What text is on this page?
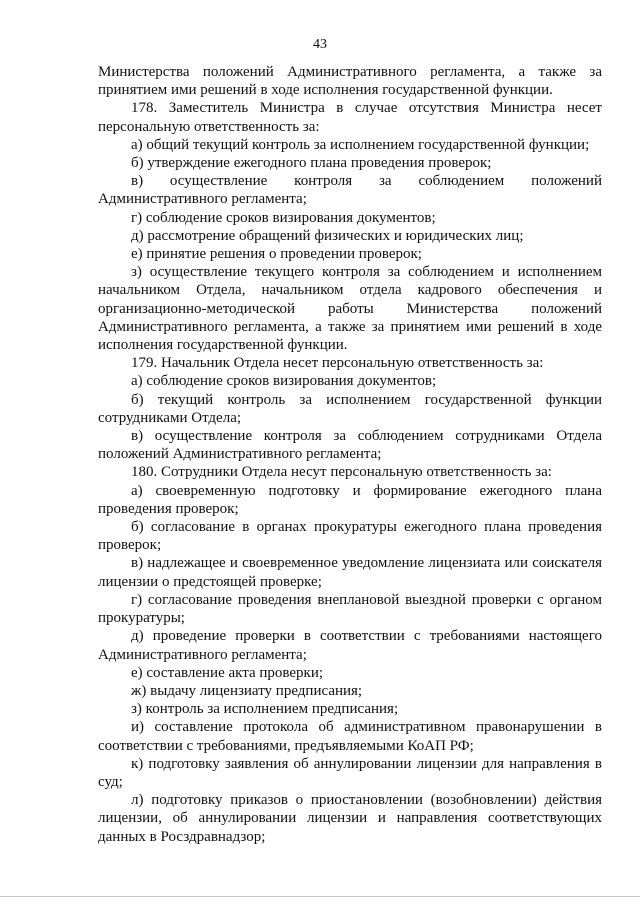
43

Министерства положений Административного регламента, а также за принятием ими решений в ходе исполнения государственной функции.

178. Заместитель Министра в случае отсутствия Министра несет персональную ответственность за:

а) общий текущий контроль за исполнением государственной функции;

б) утверждение ежегодного плана проведения проверок;

в) осуществление контроля за соблюдением положений Административного регламента;

г) соблюдение сроков визирования документов;

д) рассмотрение обращений физических и юридических лиц;

е) принятие решения о проведении проверок;

з) осуществление текущего контроля за соблюдением и исполнением начальником Отдела, начальником отдела кадрового обеспечения и организационно-методической работы Министерства положений Административного регламента, а также за принятием ими решений в ходе исполнения государственной функции.

179. Начальник Отдела несет персональную ответственность за:

а) соблюдение сроков визирования документов;

б) текущий контроль за исполнением государственной функции сотрудниками Отдела;

в) осуществление контроля за соблюдением сотрудниками Отдела положений Административного регламента;

180. Сотрудники Отдела несут персональную ответственность за:

а) своевременную подготовку и формирование ежегодного плана проведения проверок;

б) согласование в органах прокуратуры ежегодного плана проведения проверок;

в) надлежащее и своевременное уведомление лицензиата или соискателя лицензии о предстоящей проверке;

г) согласование проведения внеплановой выездной проверки с органом прокуратуры;

д) проведение проверки в соответствии с требованиями настоящего Административного регламента;

е) составление акта проверки;

ж) выдачу лицензиату предписания;

з) контроль за исполнением предписания;

и) составление протокола об административном правонарушении в соответствии с требованиями, предъявляемыми КоАП РФ;

к) подготовку заявления об аннулировании лицензии для направления в суд;

л) подготовку приказов о приостановлении (возобновлении) действия лицензии, об аннулировании лицензии и направления соответствующих данных в Росздравнадзор;
